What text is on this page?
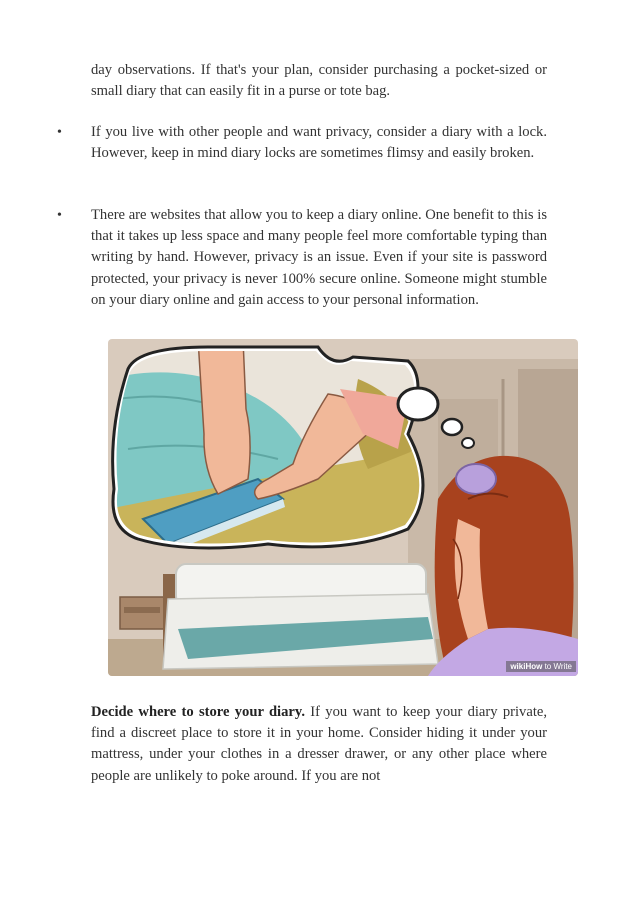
day observations. If that's your plan, consider purchasing a pocket-sized or small diary that can easily fit in a purse or tote bag.

• If you live with other people and want privacy, consider a diary with a lock. However, keep in mind diary locks are sometimes flimsy and easily broken.

• There are websites that allow you to keep a diary online. One benefit to this is that it takes up less space and many people feel more comfortable typing than writing by hand. However, privacy is an issue. Even if your site is password protected, your privacy is never 100% secure online. Someone might stumble on your diary online and gain access to your personal information.

wikiHow to Write

Decide where to store your diary. If you want to keep your diary private, find a discreet place to store it in your home. Consider hiding it under your mattress, under your clothes in a dresser drawer, or any other place where people are unlikely to poke around. If you are not
